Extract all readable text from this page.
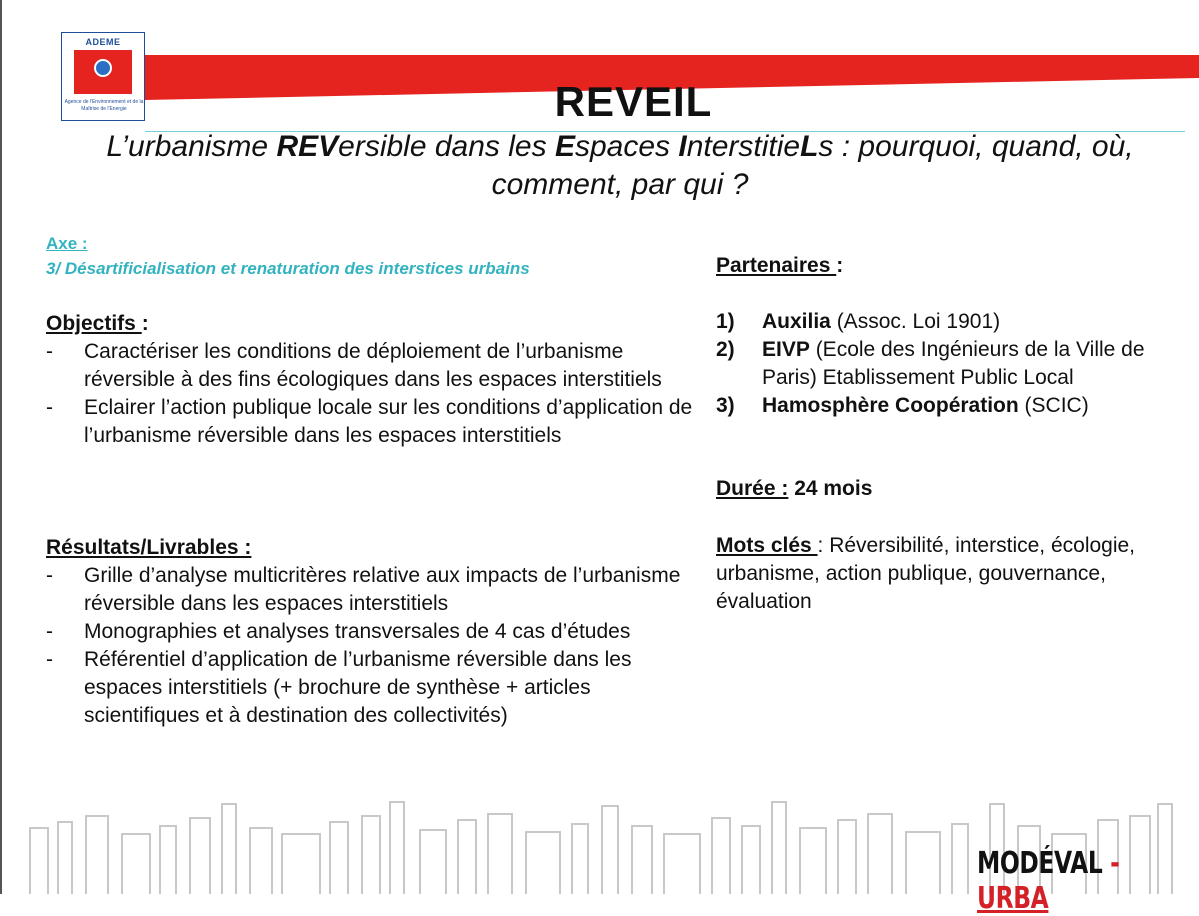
ADEME
Agence de l'Environnement et de la Maîtrise de l'Energie	REVEIL
L’urbanisme REVersible dans les Espaces InterstitieLs : pourquoi, quand, où, comment, par qui ?
Axe :
3/ Désartificialisation et renaturation des interstices urbains
Objectifs :
- Caractériser les conditions de déploiement de l’urbanisme réversible à des fins écologiques dans les espaces interstitiels
- Eclairer l’action publique locale sur les conditions d’application de l’urbanisme réversible dans les espaces interstitiels
Résultats/Livrables :
- Grille d’analyse multicritères relative aux impacts de l’urbanisme réversible dans les espaces interstitiels
- Monographies et analyses transversales de 4 cas d’études
- Référentiel d’application de l’urbanisme réversible dans les espaces interstitiels (+ brochure de synthèse + articles scientifiques et à destination des collectivités)
Partenaires :
1) Auxilia (Assoc. Loi 1901)
2) EIVP (Ecole des Ingénieurs de la Ville de Paris) Etablissement Public Local
3) Hamosphère Coopération (SCIC)
Durée : 24 mois
Mots clés : Réversibilité, interstice, écologie, urbanisme, action publique, gouvernance, évaluation
MODÉVAL - URBA
